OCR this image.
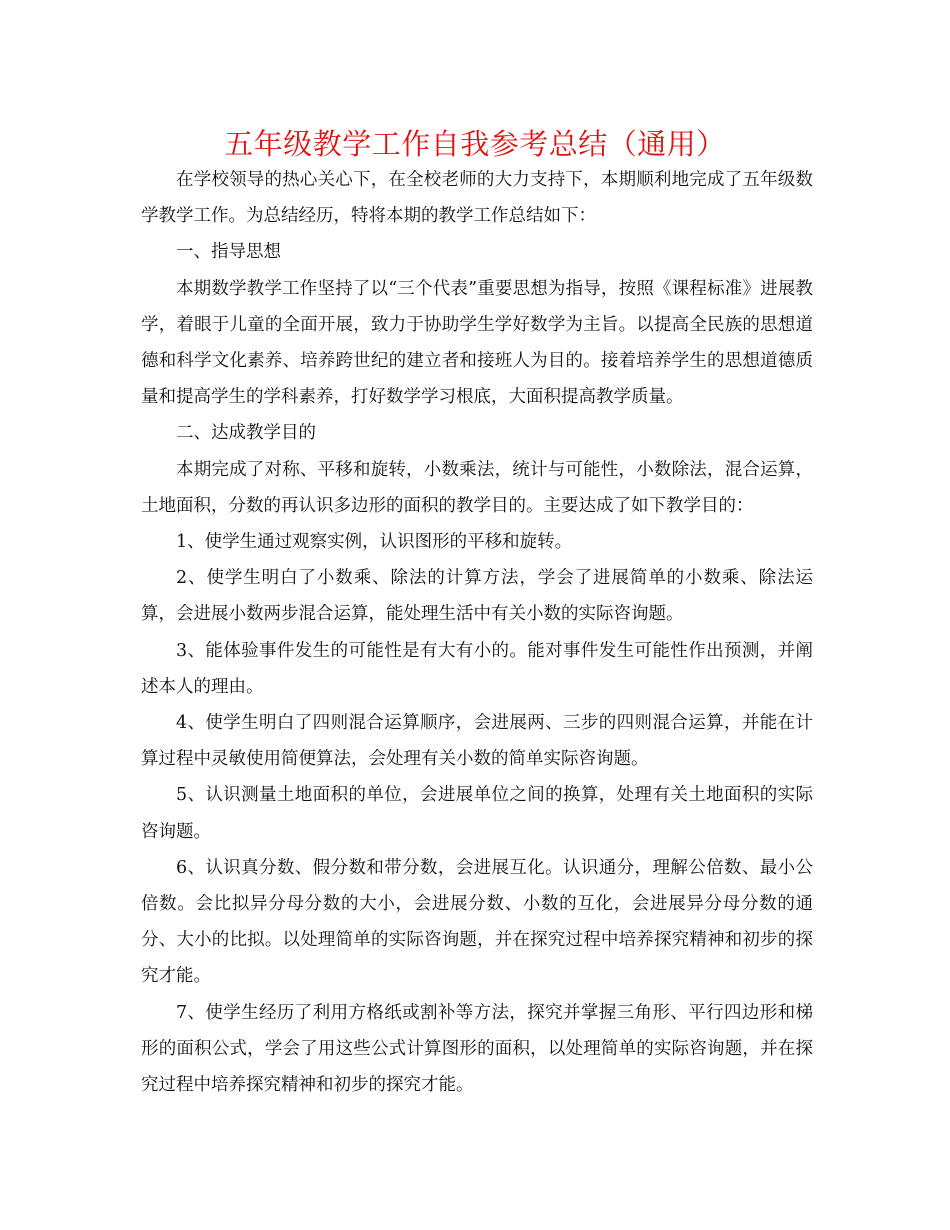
五年级教学工作自我参考总结（通用）

在学校领导的热心关心下，在全校老师的大力支持下，本期顺利地完成了五年级数学教学工作。为总结经历，特将本期的教学工作总结如下：

一、指导思想

本期数学教学工作坚持了以“三个代表”重要思想为指导，按照《课程标准》进展教学，着眼于儿童的全面开展，致力于协助学生学好数学为主旨。以提高全民族的思想道德和科学文化素养、培养跨世纪的建立者和接班人为目的。接着培养学生的思想道德质量和提高学生的学科素养，打好数学学习根底，大面积提高教学质量。

二、达成教学目的

本期完成了对称、平移和旋转，小数乘法，统计与可能性，小数除法，混合运算，土地面积，分数的再认识多边形的面积的教学目的。主要达成了如下教学目的：

1、使学生通过观察实例，认识图形的平移和旋转。

2、使学生明白了小数乘、除法的计算方法，学会了进展简单的小数乘、除法运算，会进展小数两步混合运算，能处理生活中有关小数的实际咨询题。

3、能体验事件发生的可能性是有大有小的。能对事件发生可能性作出预测，并阐述本人的理由。

4、使学生明白了四则混合运算顺序，会进展两、三步的四则混合运算，并能在计算过程中灵敏使用简便算法，会处理有关小数的简单实际咨询题。

5、认识测量土地面积的单位，会进展单位之间的换算，处理有关土地面积的实际咨询题。

6、认识真分数、假分数和带分数，会进展互化。认识通分，理解公倍数、最小公倍数。会比拟异分母分数的大小，会进展分数、小数的互化，会进展异分母分数的通分、大小的比拟。以处理简单的实际咨询题，并在探究过程中培养探究精神和初步的探究才能。

7、使学生经历了利用方格纸或割补等方法，探究并掌握三角形、平行四边形和梯形的面积公式，学会了用这些公式计算图形的面积，以处理简单的实际咨询题，并在探究过程中培养探究精神和初步的探究才能。
